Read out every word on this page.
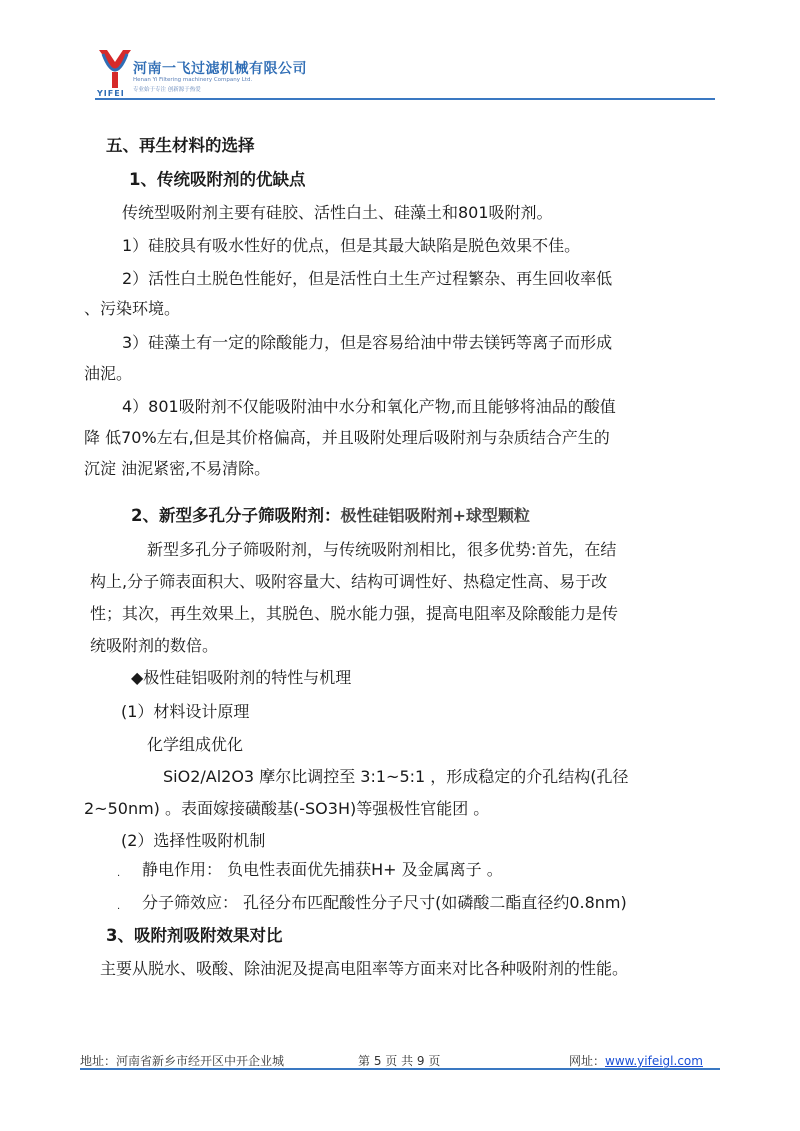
YIFEI
河南一飞过滤机械有限公司
Henan Yi Filtering machinery Company Ltd.
专业始于专注 创新源于热爱
五、再生材料的选择
1、传统吸附剂的优缺点
传统型吸附剂主要有硅胶、活性白土、硅藻土和801吸附剂。
1）硅胶具有吸水性好的优点，但是其最大缺陷是脱色效果不佳。
2）活性白土脱色性能好，但是活性白土生产过程繁杂、再生回收率低
、污染环境。
3）硅藻土有一定的除酸能力，但是容易给油中带去镁钙等离子而形成
油泥。
4）801吸附剂不仅能吸附油中水分和氧化产物,而且能够将油品的酸值
降 低70%左右,但是其价格偏高，并且吸附处理后吸附剂与杂质结合产生的
沉淀 油泥紧密,不易清除。
2、新型多孔分子筛吸附剂：极性硅铝吸附剂+球型颗粒
新型多孔分子筛吸附剂，与传统吸附剂相比，很多优势:首先，在结
构上,分子筛表面积大、吸附容量大、结构可调性好、热稳定性高、易于改
性；其次，再生效果上，其脱色、脱水能力强，提高电阻率及除酸能力是传
统吸附剂的数倍。
◆极性硅铝吸附剂的特性与机理
(1）材料设计原理
化学组成优化
SiO2/Al2O3 摩尔比调控至 3:1~5:1 ，形成稳定的介孔结构(孔径
2~50nm) 。表面嫁接磺酸基(-SO3H)等强极性官能团 。
(2）选择性吸附机制
. 静电作用： 负电性表面优先捕获H+ 及金属离子 。
. 分子筛效应： 孔径分布匹配酸性分子尺寸(如磷酸二酯直径约0.8nm)
3、吸附剂吸附效果对比
主要从脱水、吸酸、除油泥及提高电阻率等方面来对比各种吸附剂的性能。
地址：河南省新乡市经开区中开企业城	第 5 页 共 9 页	网址：www.yifeigl.com
